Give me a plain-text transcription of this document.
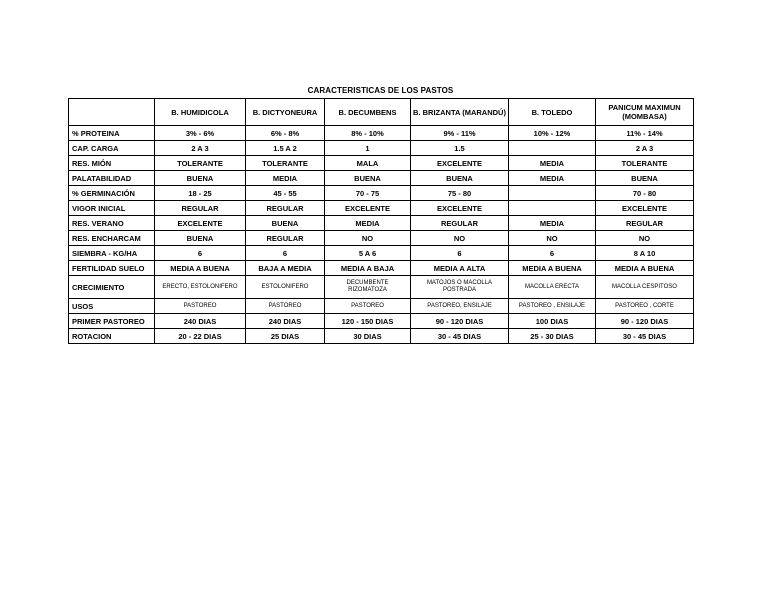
CARACTERISTICAS DE LOS PASTOS
	B. HUMIDICOLA	B. DICTYONEURA	B. DECUMBENS	B. BRIZANTA (MARANDÚ)	B. TOLEDO	PANICUM MAXIMUN (MOMBASA)
% PROTEINA	3% - 6%	6% - 8%	8% - 10%	9% - 11%	10% - 12%	11% - 14%
CAP. CARGA	2 A 3	1.5 A 2	1	1.5		2 A 3
RES. MIÓN	TOLERANTE	TOLERANTE	MALA	EXCELENTE	MEDIA	TOLERANTE
PALATABILIDAD	BUENA	MEDIA	BUENA	BUENA	MEDIA	BUENA
% GERMINACIÓN	18 - 25	45 - 55	70 - 75	75 - 80		70 - 80
VIGOR INICIAL	REGULAR	REGULAR	EXCELENTE	EXCELENTE		EXCELENTE
RES. VERANO	EXCELENTE	BUENA	MEDIA	REGULAR	MEDIA	REGULAR
RES. ENCHARCAM	BUENA	REGULAR	NO	NO	NO	NO
SIEMBRA - KG/HA	6	6	5 A 6	6	6	8 A 10
FERTILIDAD SUELO	MEDIA A BUENA	BAJA A MEDIA	MEDIA A BAJA	MEDIA A ALTA	MEDIA A BUENA	MEDIA A BUENA
CRECIMIENTO	ERECTO, ESTOLONIFERO	ESTOLONIFERO	DECUMBENTE RIZOMATOZA	MATOJOS O MACOLLA POSTRADA	MACOLLA ERECTA	MACOLLA CESPITOSO
USOS	PASTOREO	PASTOREO	PASTOREO	PASTOREO, ENSILAJE	PASTOREO , ENSILAJE	PASTOREO , CORTE
PRIMER PASTOREO	240 DIAS	240 DIAS	120 - 150 DIAS	90 - 120 DIAS	100 DIAS	90 - 120 DIAS
ROTACION	20 - 22 DIAS	25 DIAS	30 DIAS	30 - 45 DIAS	25 - 30 DIAS	30 - 45 DIAS
